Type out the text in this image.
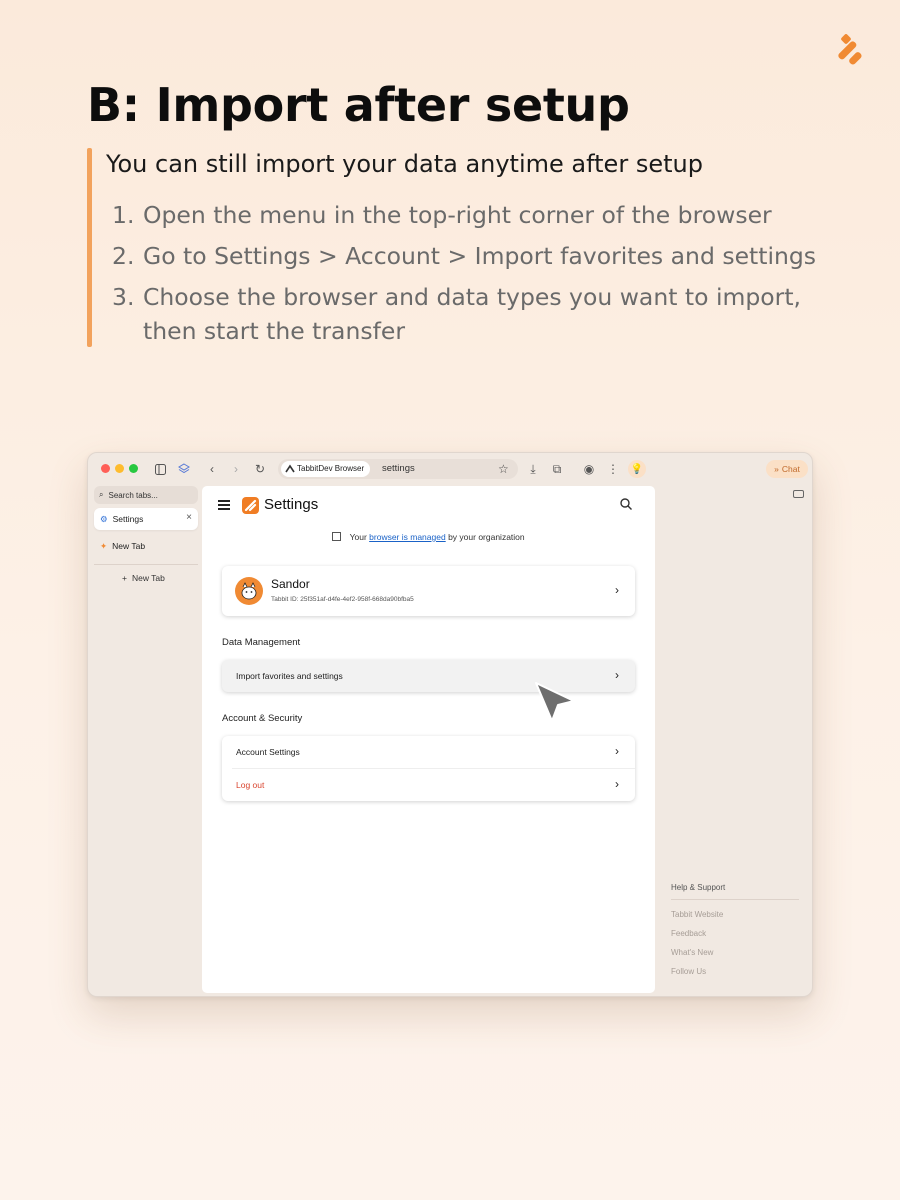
B: Import after setup
You can still import your data anytime after setup
1. Open the menu in the top-right corner of the browser
2. Go to Settings > Account > Import favorites and settings
3. Choose the browser and data types you want to import, then start the transfer
‹	›	↻	TabbitDev Browser	settings	☆	⤓	⧉	◉ ⋮ 💡	» Chat
⌕ Search tabs...
⚙ Settings	×
✦ New Tab
+ New Tab
Settings
Your browser is managed by your organization
Sandor
Tabbit ID: 25f351af-d4fe-4ef2-958f-668da90bfba5
›
Data Management
Import favorites and settings	›
Account & Security
Account Settings	›
Log out	›
Help & Support
Tabbit Website
Feedback
What's New
Follow Us
